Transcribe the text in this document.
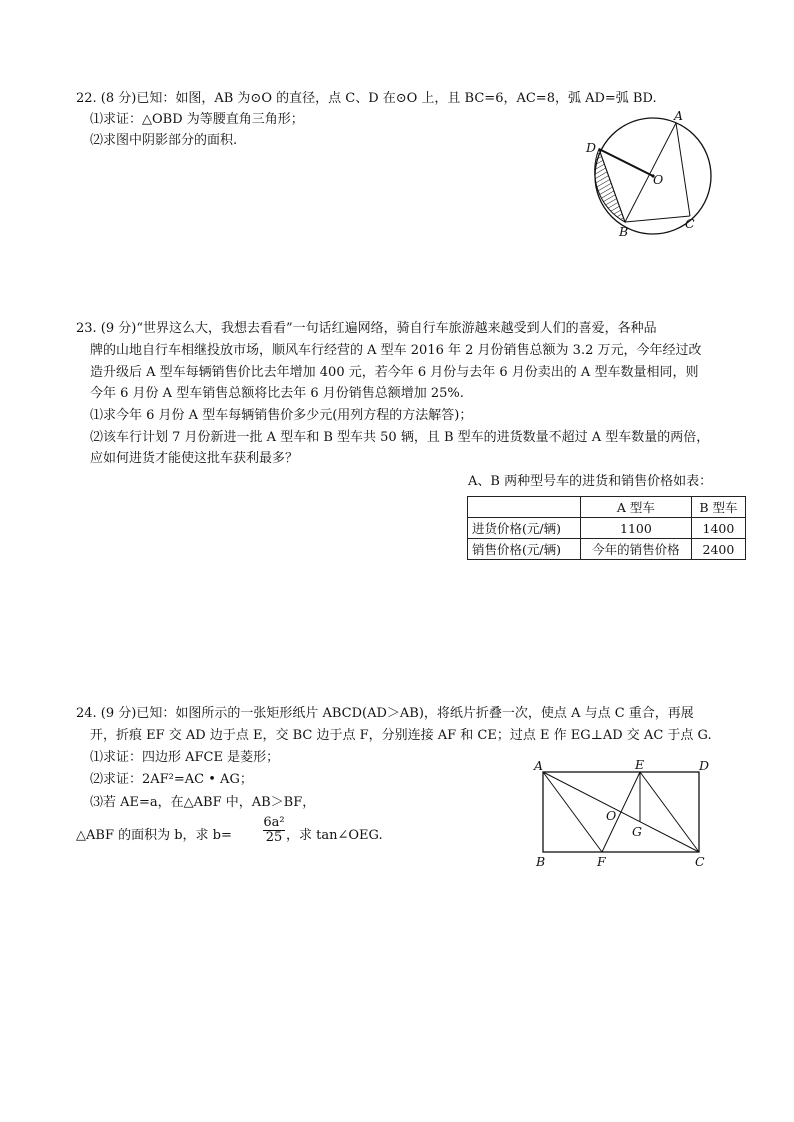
22. (8 分)已知：如图，AB 为⊙O 的直径，点 C、D 在⊙O 上，且 BC=6，AC=8，弧 AD=弧 BD.
⑴求证：△OBD 为等腰直角三角形；
⑵求图中阴影部分的面积.
A
D
O
C
B
23. (9 分)“世界这么大，我想去看看”一句话红遍网络，骑自行车旅游越来越受到人们的喜爱，各种品
牌的山地自行车相继投放市场，顺风车行经营的 A 型车 2016 年 2 月份销售总额为 3.2 万元，今年经过改
造升级后 A 型车每辆销售价比去年增加 400 元，若今年 6 月份与去年 6 月份卖出的 A 型车数量相同，则
今年 6 月份 A 型车销售总额将比去年 6 月份销售总额增加 25%.
⑴求今年 6 月份 A 型车每辆销售价多少元(用列方程的方法解答)；
⑵该车行计划 7 月份新进一批 A 型车和 B 型车共 50 辆，且 B 型车的进货数量不超过 A 型车数量的两倍，
应如何进货才能使这批车获利最多？
A、B 两种型号车的进货和销售价格如表：
	A 型车	B 型车
进货价格(元/辆)	1100	1400
销售价格(元/辆)	今年的销售价格	2400
24. (9 分)已知：如图所示的一张矩形纸片 ABCD(AD＞AB)，将纸片折叠一次，使点 A 与点 C 重合，再展
开，折痕 EF 交 AD 边于点 E，交 BC 边于点 F，分别连接 AF 和 CE；过点 E 作 EG⊥AD 交 AC 于点 G.
⑴求证：四边形 AFCE 是菱形；
⑵求证：2AF²=AC • AG；
⑶若 AE=a，在△ABF 中，AB＞BF，
△ABF 的面积为 b，求 $b= \frac{\text{6a²}}{25}$ ，求 tan∠OEG.
A	E	D
O
G
B	F	C
